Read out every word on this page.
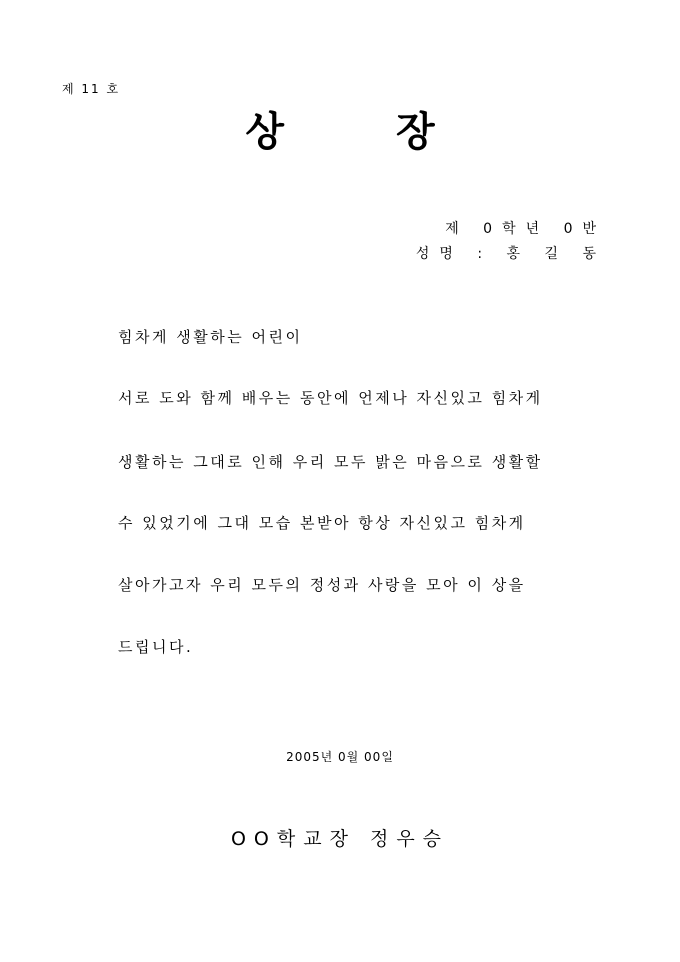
제 11 호
상	장
제 0학년 0반
성명 : 홍 길 동
힘차게 생활하는 어린이
서로 도와 함께 배우는 동안에 언제나 자신있고 힘차게
생활하는 그대로 인해 우리 모두 밝은 마음으로 생활할
수 있었기에 그대 모습 본받아 항상 자신있고 힘차게
살아가고자 우리 모두의 정성과 사랑을 모아 이 상을
드립니다.
2005년 0월 00일
OO학교장 정우승
